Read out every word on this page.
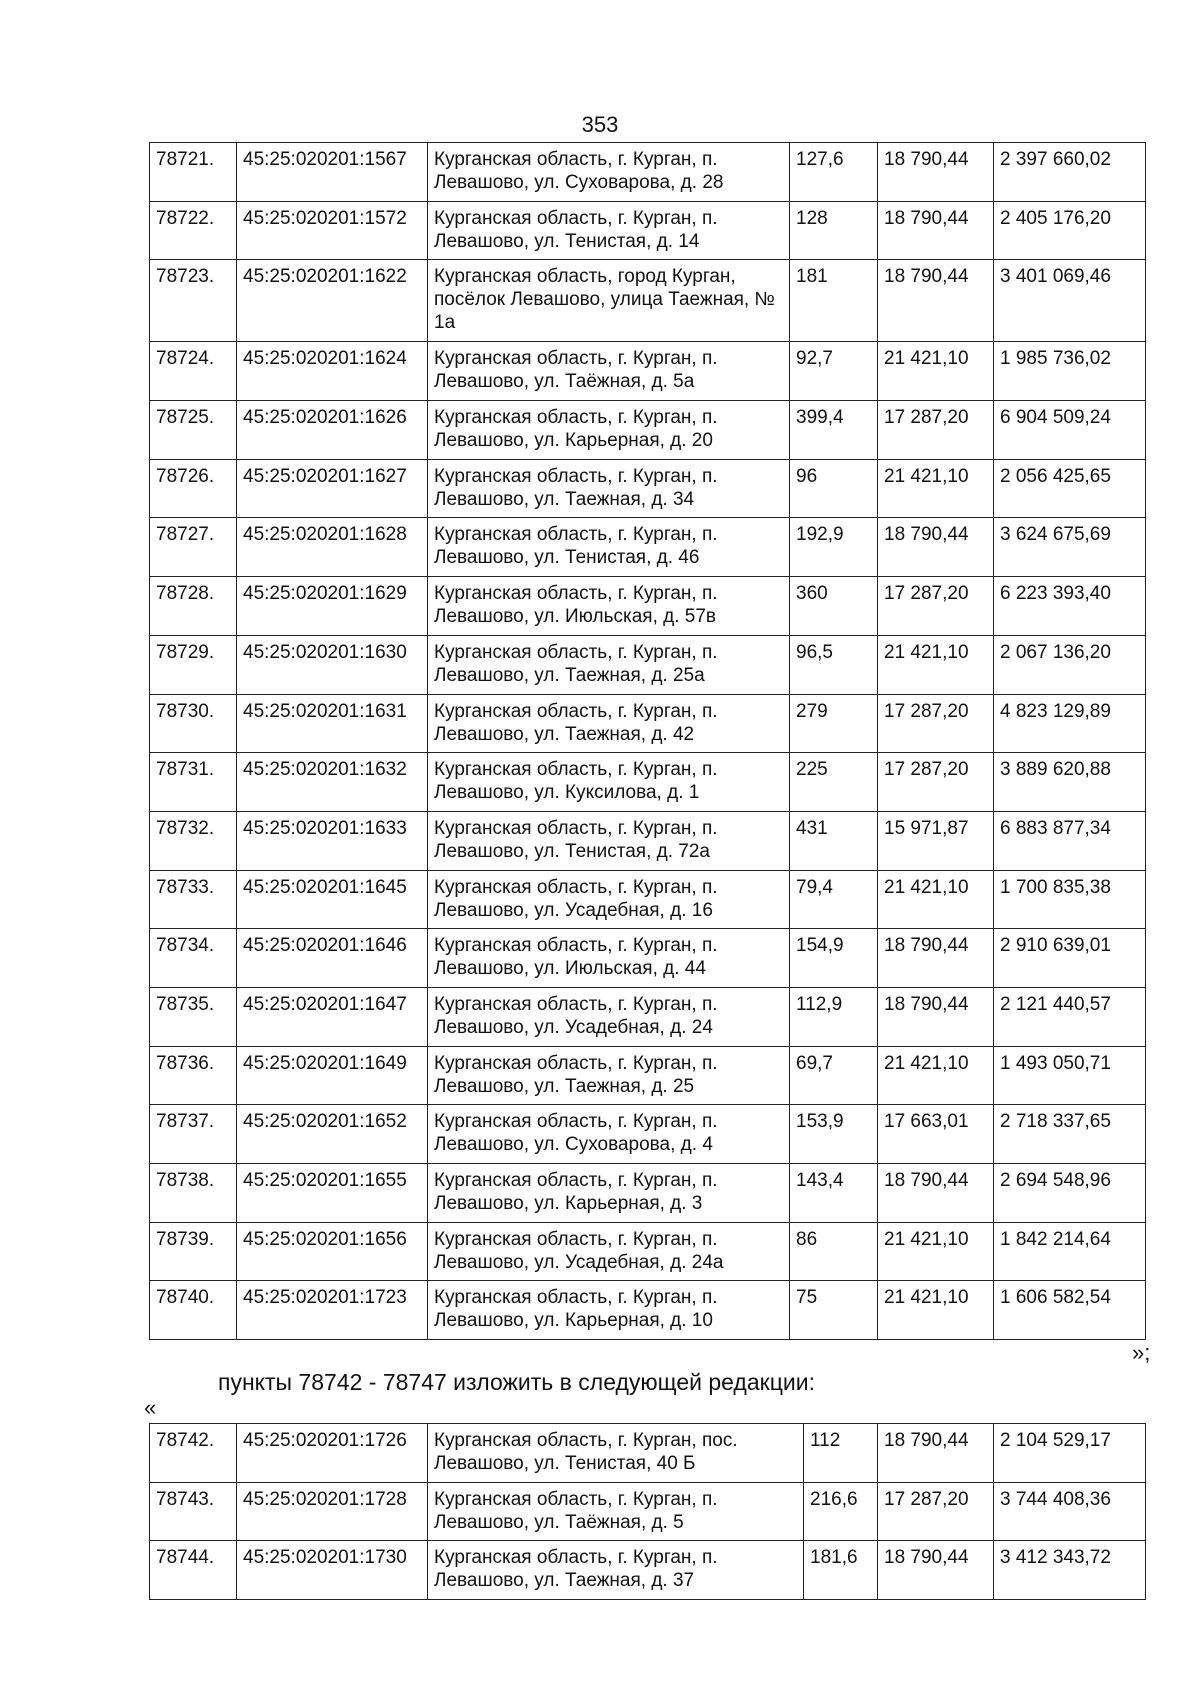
353
78721.	45:25:020201:1567	Курганская область, г. Курган, п. Левашово, ул. Суховарова, д. 28	127,6	18 790,44	2 397 660,02
78722.	45:25:020201:1572	Курганская область, г. Курган, п. Левашово, ул. Тенистая, д. 14	128	18 790,44	2 405 176,20
78723.	45:25:020201:1622	Курганская область, город Курган, посёлок Левашово, улица Таежная, № 1а	181	18 790,44	3 401 069,46
78724.	45:25:020201:1624	Курганская область, г. Курган, п. Левашово, ул. Таёжная, д. 5а	92,7	21 421,10	1 985 736,02
78725.	45:25:020201:1626	Курганская область, г. Курган, п. Левашово, ул. Карьерная, д. 20	399,4	17 287,20	6 904 509,24
78726.	45:25:020201:1627	Курганская область, г. Курган, п. Левашово, ул. Таежная, д. 34	96	21 421,10	2 056 425,65
78727.	45:25:020201:1628	Курганская область, г. Курган, п. Левашово, ул. Тенистая, д. 46	192,9	18 790,44	3 624 675,69
78728.	45:25:020201:1629	Курганская область, г. Курган, п. Левашово, ул. Июльская, д. 57в	360	17 287,20	6 223 393,40
78729.	45:25:020201:1630	Курганская область, г. Курган, п. Левашово, ул. Таежная, д. 25а	96,5	21 421,10	2 067 136,20
78730.	45:25:020201:1631	Курганская область, г. Курган, п. Левашово, ул. Таежная, д. 42	279	17 287,20	4 823 129,89
78731.	45:25:020201:1632	Курганская область, г. Курган, п. Левашово, ул. Куксилова, д. 1	225	17 287,20	3 889 620,88
78732.	45:25:020201:1633	Курганская область, г. Курган, п. Левашово, ул. Тенистая, д. 72а	431	15 971,87	6 883 877,34
78733.	45:25:020201:1645	Курганская область, г. Курган, п. Левашово, ул. Усадебная, д. 16	79,4	21 421,10	1 700 835,38
78734.	45:25:020201:1646	Курганская область, г. Курган, п. Левашово, ул. Июльская, д. 44	154,9	18 790,44	2 910 639,01
78735.	45:25:020201:1647	Курганская область, г. Курган, п. Левашово, ул. Усадебная, д. 24	112,9	18 790,44	2 121 440,57
78736.	45:25:020201:1649	Курганская область, г. Курган, п. Левашово, ул. Таежная, д. 25	69,7	21 421,10	1 493 050,71
78737.	45:25:020201:1652	Курганская область, г. Курган, п. Левашово, ул. Суховарова, д. 4	153,9	17 663,01	2 718 337,65
78738.	45:25:020201:1655	Курганская область, г. Курган, п. Левашово, ул. Карьерная, д. 3	143,4	18 790,44	2 694 548,96
78739.	45:25:020201:1656	Курганская область, г. Курган, п. Левашово, ул. Усадебная, д. 24а	86	21 421,10	1 842 214,64
78740.	45:25:020201:1723	Курганская область, г. Курган, п. Левашово, ул. Карьерная, д. 10	75	21 421,10	1 606 582,54
»;
пункты 78742 - 78747 изложить в следующей редакции:
«
78742.	45:25:020201:1726	Курганская область, г. Курган, пос. Левашово, ул. Тенистая, 40 Б	112	18 790,44	2 104 529,17
78743.	45:25:020201:1728	Курганская область, г. Курган, п. Левашово, ул. Таёжная, д. 5	216,6	17 287,20	3 744 408,36
78744.	45:25:020201:1730	Курганская область, г. Курган, п. Левашово, ул. Таежная, д. 37	181,6	18 790,44	3 412 343,72
